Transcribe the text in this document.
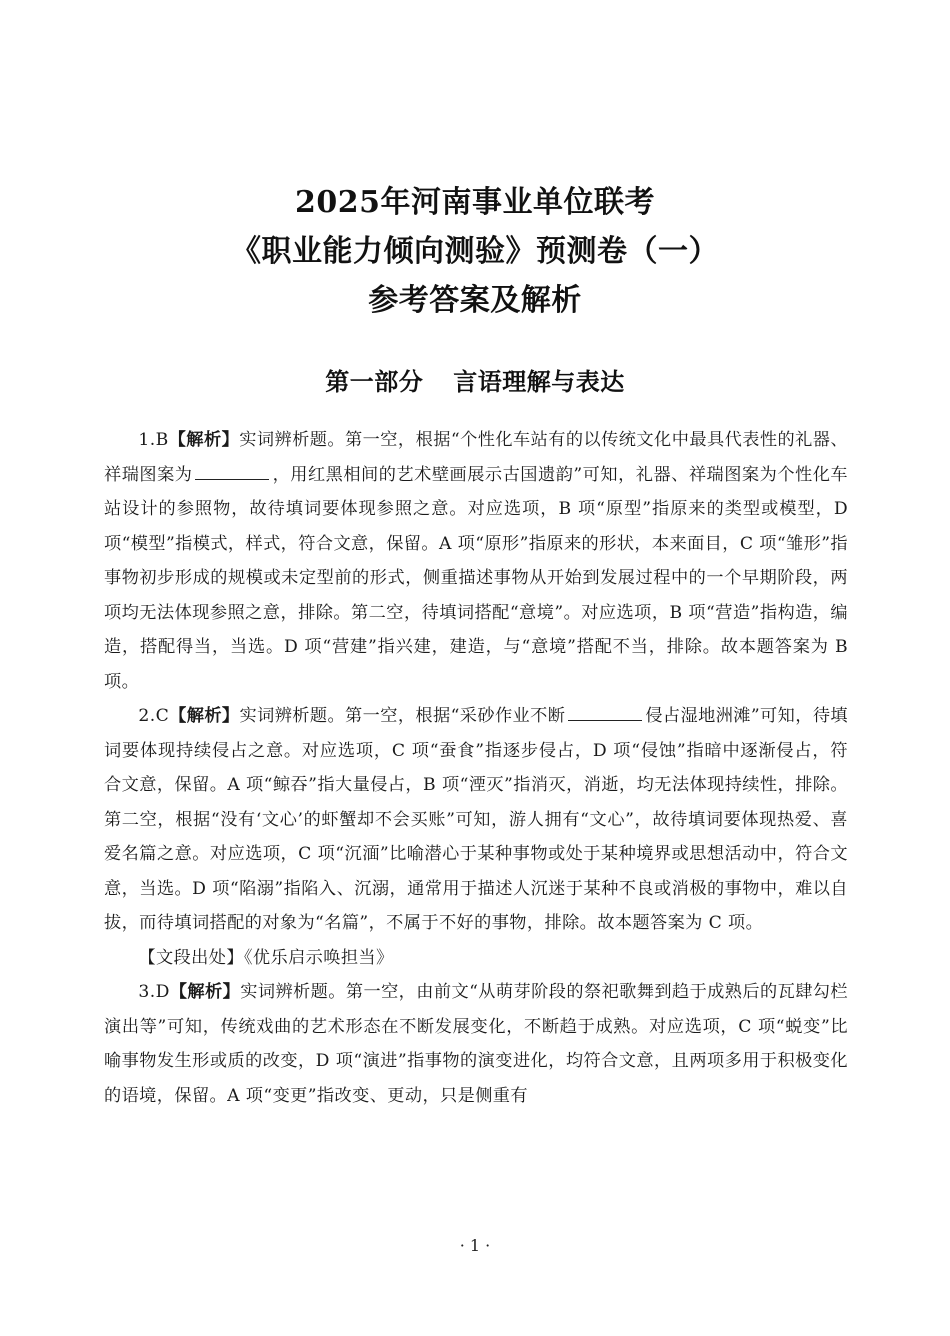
2025年河南事业单位联考

《职业能力倾向测验》预测卷（一）

参考答案及解析

第一部分 言语理解与表达

1.B【解析】实词辨析题。第一空，根据“个性化车站有的以传统文化中最具代表性的礼器、祥瑞图案为	，用红黑相间的艺术壁画展示古国遗韵”可知，礼器、祥瑞图案为个性化车站设计的参照物，故待填词要体现参照之意。对应选项，B 项“原型”指原来的类型或模型，D 项“模型”指模式，样式，符合文意，保留。A 项“原形”指原来的形状，本来面目，C 项“雏形”指事物初步形成的规模或未定型前的形式，侧重描述事物从开始到发展过程中的一个早期阶段，两项均无法体现参照之意，排除。第二空，待填词搭配“意境”。对应选项，B 项“营造”指构造，编造，搭配得当，当选。D 项“营建”指兴建，建造，与“意境”搭配不当，排除。故本题答案为 B 项。

2.C【解析】实词辨析题。第一空，根据“采砂作业不断	侵占湿地洲滩”可知，待填词要体现持续侵占之意。对应选项，C 项“蚕食”指逐步侵占，D 项“侵蚀”指暗中逐渐侵占，符合文意，保留。A 项“鲸吞”指大量侵占，B 项“湮灭”指消灭，消逝，均无法体现持续性，排除。第二空，根据“没有‘文心’的虾蟹却不会买账”可知，游人拥有“文心”，故待填词要体现热爱、喜爱名篇之意。对应选项，C 项“沉湎”比喻潜心于某种事物或处于某种境界或思想活动中，符合文意，当选。D 项“陷溺”指陷入、沉溺，通常用于描述人沉迷于某种不良或消极的事物中，难以自拔，而待填词搭配的对象为“名篇”，不属于不好的事物，排除。故本题答案为 C 项。

【文段出处】《优乐启示唤担当》

3.D【解析】实词辨析题。第一空，由前文“从萌芽阶段的祭祀歌舞到趋于成熟后的瓦肆勾栏演出等”可知，传统戏曲的艺术形态在不断发展变化，不断趋于成熟。对应选项，C 项“蜕变”比喻事物发生形或质的改变，D 项“演进”指事物的演变进化，均符合文意，且两项多用于积极变化的语境，保留。A 项“变更”指改变、更动，只是侧重有

· 1 ·
